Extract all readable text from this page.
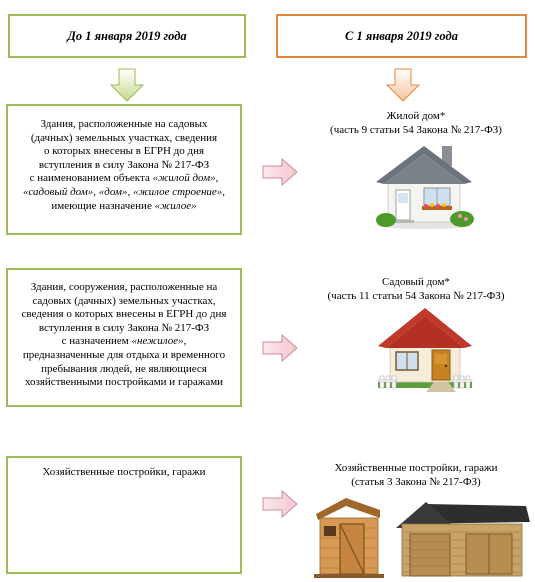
До 1 января 2019 года	С 1 января 2019 года
Здания, расположенные на садовых
(дачных) земельных участках, сведения
о которых внесены в ЕГРН до дня
вступления в силу Закона № 217-ФЗ
с наименованием объекта «жилой дом»,
«садовый дом», «дом», «жилое строение»,
имеющие назначение «жилое»
Здания, сооружения, расположенные на
садовых (дачных) земельных участках,
сведения о которых внесены в ЕГРН до дня
вступления в силу Закона № 217-ФЗ
с назначением «нежилое»,
предназначенные для отдыха и временного
пребывания людей, не являющиеся
хозяйственными постройками и гаражами
Хозяйственные постройки, гаражи
Жилой дом*
(часть 9 статьи 54 Закона № 217-ФЗ)
Садовый дом*
(часть 11 статьи 54 Закона № 217-ФЗ)
Хозяйственные постройки, гаражи
(статья 3 Закона № 217-ФЗ)
